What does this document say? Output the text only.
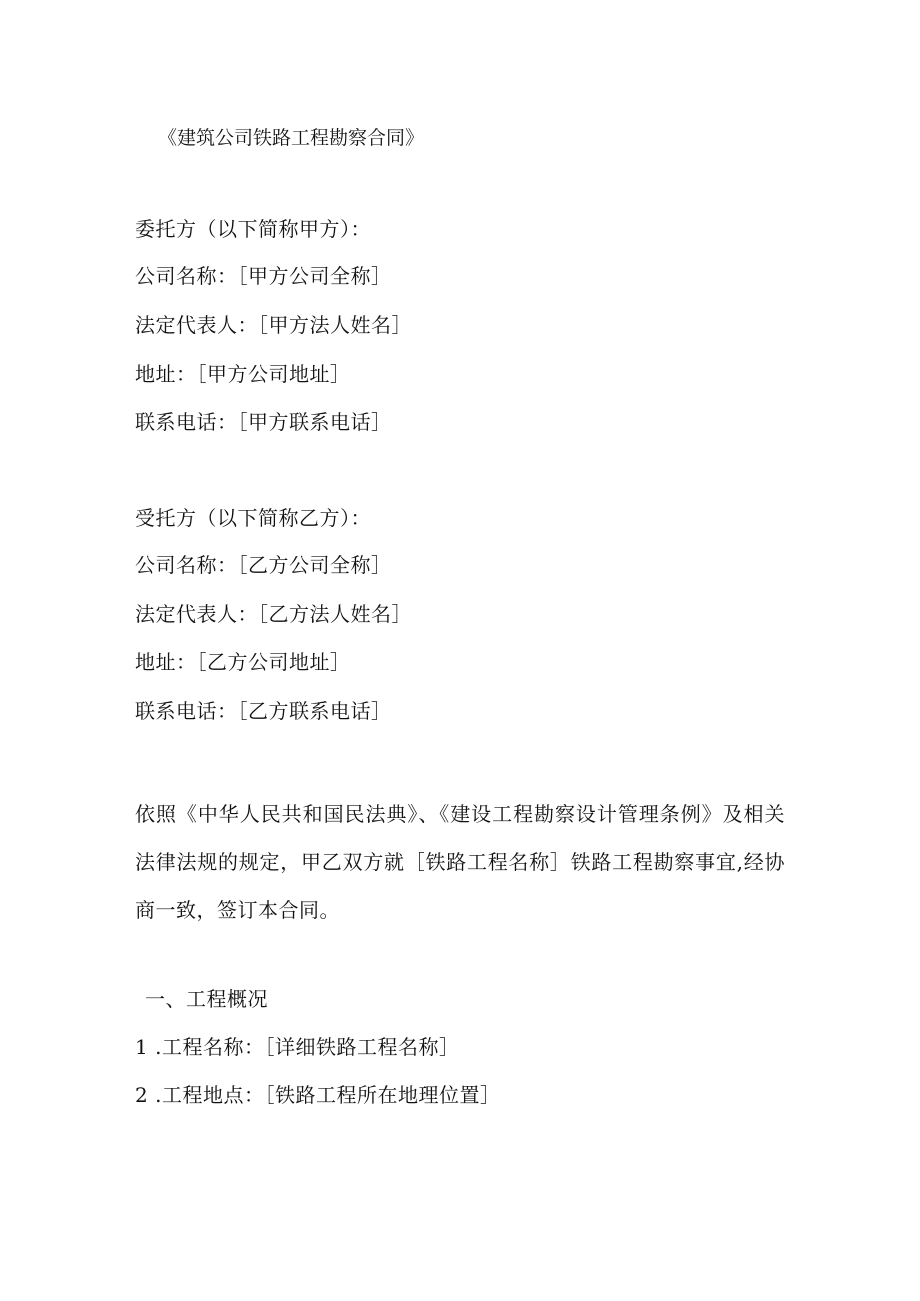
《建筑公司铁路工程勘察合同》
委托方（以下简称甲方）：
公司名称：［甲方公司全称］
法定代表人：［甲方法人姓名］
地址：［甲方公司地址］
联系电话：［甲方联系电话］
受托方（以下简称乙方）：
公司名称：［乙方公司全称］
法定代表人：［乙方法人姓名］
地址：［乙方公司地址］
联系电话：［乙方联系电话］
依照《中华人民共和国民法典》、《建设工程勘察设计管理条例》及相关法律法规的规定，甲乙双方就［铁路工程名称］铁路工程勘察事宜,经协商一致，签订本合同。
一、工程概况
1 .工程名称：［详细铁路工程名称］
2 .工程地点：［铁路工程所在地理位置］
